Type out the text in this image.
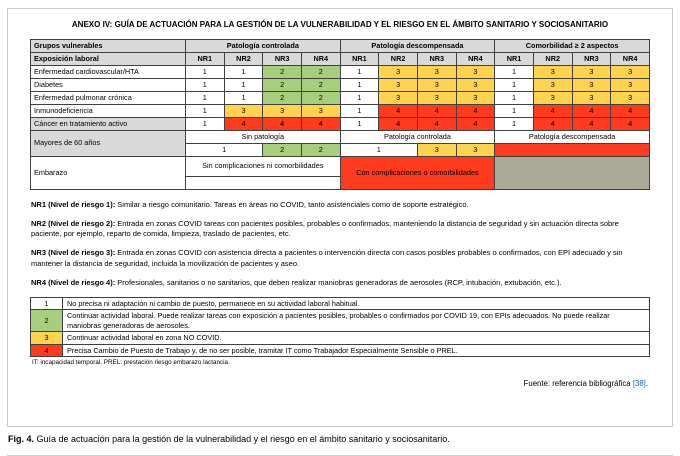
ANEXO IV: GUÍA DE ACTUACIÓN PARA LA GESTIÓN DE LA VULNERABILIDAD Y EL RIESGO EN EL ÁMBITO SANITARIO Y SOCIOSANITARIO
Grupos vulnerables	Patología controlada				Patología descompensada				Comorbilidad ≥ 2 aspectos			
Exposición laboral	NR1	NR2	NR3	NR4	NR1	NR2	NR3	NR4	NR1	NR2	NR3	NR4
Enfermedad cardiovascular/HTA	1	1	2	2	1	3	3	3	1	3	3	3
Diabetes	1	1	2	2	1	3	3	3	1	3	3	3
Enfermedad pulmonar crónica	1	1	2	2	1	3	3	3	1	3	3	3
Inmunodeficiencia	1	3	3	3	1	4	4	4	1	4	4	4
Cáncer en tratamiento activo	1	4	4	4	1	4	4	4	1	4	4	4
Mayores de 60 años	Sin patología				Patología controlada				Patología descompensada			
	1		2	2	1		3	3				
Embarazo	Sin complicaciones ni comorbilidades				Con complicaciones o comorbilidades							

NR1 (Nivel de riesgo 1): Similar a riesgo comunitario. Tareas en áreas no COVID, tanto asistenciales como de soporte estratégico.

NR2 (Nivel de riesgo 2): Entrada en zonas COVID tareas con pacientes posibles, probables o confirmados, manteniendo la distancia de seguridad y sin actuación directa sobre paciente, por ejemplo, reparto de comida, limpieza, traslado de pacientes, etc.

NR3 (Nivel de riesgo 3): Entrada en zonas COVID con asistencia directa a pacientes o intervención directa con casos posibles probables o confirmados, con EPI adecuado y sin mantener la distancia de seguridad, incluida la movilización de pacientes y aseo.

NR4 (Nivel de riesgo 4): Profesionales, sanitarios o no sanitarios, que deben realizar maniobras generadoras de aerosoles (RCP, intubación, extubación, etc.).

1	No precisa ni adaptación ni cambio de puesto, permanece en su actividad laboral habitual.
2	Continuar actividad laboral. Puede realizar tareas con exposición a pacientes posibles, probables o confirmados por COVID 19, con EPIs adecuados. No puede realizar maniobras generadoras de aerosoles.
3	Continuar actividad laboral en zona NO COVID.
4	Precisa Cambio de Puesto de Trabajo y, de no ser posible, tramitar IT como Trabajador Especialmente Sensible o PREL.
IT: incapacidad temporal. PREL: prestación riesgo embarazo lactancia.
Fuente: referencia bibliográfica [38].
Fig. 4. Guía de actuación para la gestión de la vulnerabilidad y el riesgo en el ámbito sanitario y sociosanitario.
